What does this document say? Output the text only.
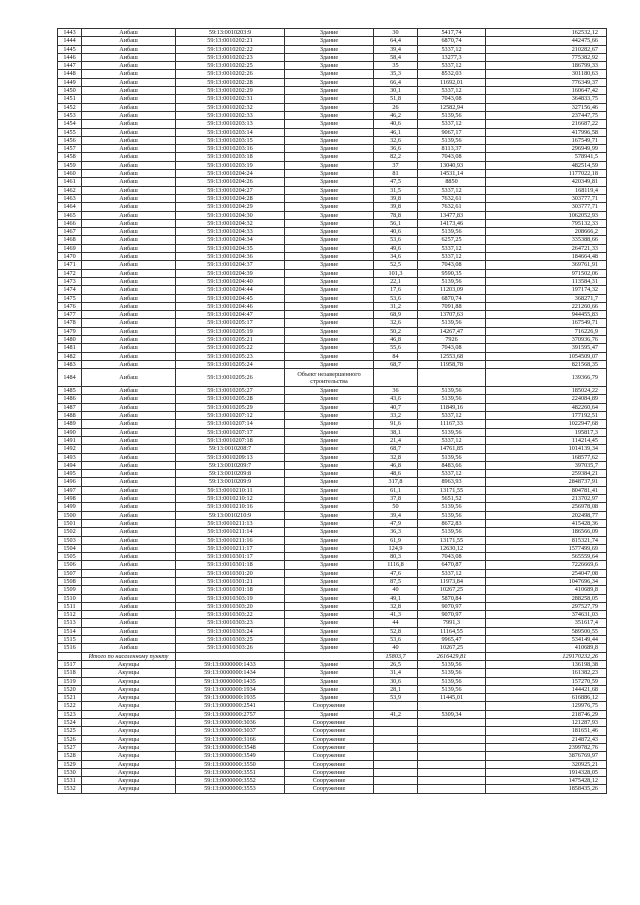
1443	Аибаш	59:13:0010203:9	Здание	30	5417,74	162532,12
1444	Аибаш	59:13:0010202:21	Здание	64,4	6870,74	442475,66
1445	Аибаш	59:13:0010202:22	Здание	39,4	5337,12	210282,67
1446	Аибаш	59:13:0010202:23	Здание	58,4	13277,3	775382,92
1447	Аибаш	59:13:0010202:25	Здание	35	5337,12	186799,33
1448	Аибаш	59:13:0010202:26	Здание	35,3	8532,03	301180,63
1449	Аибаш	59:13:0010202:28	Здание	66,4	11692,01	776349,37
1450	Аибаш	59:13:0010202:29	Здание	30,1	5337,12	160647,42
1451	Аибаш	59:13:0010202:31	Здание	51,8	7043,08	364833,75
1452	Аибаш	59:13:0010202:32	Здание	26	12582,94	327156,46
1453	Аибаш	59:13:0010202:33	Здание	46,2	5139,56	237447,75
1454	Аибаш	59:13:0010203:13	Здание	40,6	5337,12	216687,22
1455	Аибаш	59:13:0010203:14	Здание	46,1	9067,17	417996,58
1456	Аибаш	59:13:0010203:15	Здание	32,6	5139,56	167549,71
1457	Аибаш	59:13:0010203:16	Здание	36,6	8113,37	296949,99
1458	Аибаш	59:13:0010203:18	Здание	82,2	7043,08	578941,5
1459	Аибаш	59:13:0010203:19	Здание	37	13040,93	482514,59
1460	Аибаш	59:13:0010204:24	Здание	81	14531,14	1177022,18
1461	Аибаш	59:13:0010204:26	Здание	47,5	8850	420349,81
1462	Аибаш	59:13:0010204:27	Здание	31,5	5337,12	168119,4
1463	Аибаш	59:13:0010204:28	Здание	39,8	7632,61	303777,71
1464	Аибаш	59:13:0010204:29	Здание	39,8	7632,61	303777,71
1465	Аибаш	59:13:0010204:30	Здание	78,8	13477,83	1062052,93
1466	Аибаш	59:13:0010204:32	Здание	56,1	14173,46	795132,33
1467	Аибаш	59:13:0010204:33	Здание	40,6	5139,56	208666,2
1468	Аибаш	59:13:0010204:34	Здание	53,6	6257,25	335388,66
1469	Аибаш	59:13:0010204:35	Здание	49,6	5337,12	264721,33
1470	Аибаш	59:13:0010204:36	Здание	34,6	5337,12	184664,48
1471	Аибаш	59:13:0010204:37	Здание	52,5	7043,08	369761,91
1472	Аибаш	59:13:0010204:39	Здание	101,3	9590,35	971502,06
1473	Аибаш	59:13:0010204:40	Здание	22,1	5139,56	113584,31
1474	Аибаш	59:13:0010204:44	Здание	17,6	11203,09	197174,32
1475	Аибаш	59:13:0010204:45	Здание	53,6	6870,74	368271,7
1476	Аибаш	59:13:0010204:46	Здание	31,2	7091,88	221260,66
1477	Аибаш	59:13:0010204:47	Здание	68,9	13707,63	944455,83
1478	Аибаш	59:13:0010205:17	Здание	32,6	5139,56	167549,71
1479	Аибаш	59:13:0010205:19	Здание	50,2	14267,47	716226,9
1480	Аибаш	59:13:0010205:21	Здание	46,8	7926	370936,76
1481	Аибаш	59:13:0010205:22	Здание	55,6	7043,08	391595,47
1482	Аибаш	59:13:0010205:23	Здание	84	12553,68	1054509,07
1483	Аибаш	59:13:0010205:24	Здание	68,7	11958,78	821568,35
1484	Аибаш	59:13:0010205:26	Объект незавершенного строительства			139366,79
1485	Аибаш	59:13:0010205:27	Здание	36	5139,56	185024,22
1486	Аибаш	59:13:0010205:28	Здание	43,6	5139,56	224084,89
1487	Аибаш	59:13:0010205:29	Здание	40,7	11849,16	482260,64
1488	Аибаш	59:13:0010207:12	Здание	33,2	5337,12	177192,51
1489	Аибаш	59:13:0010207:14	Здание	91,6	11167,33	1022947,68
1490	Аибаш	59:13:0010207:17	Здание	38,1	5139,56	195817,3
1491	Аибаш	59:13:0010207:18	Здание	21,4	5337,12	114214,45
1492	Аибаш	59:13:0010208:7	Здание	68,7	14761,85	1014139,34
1493	Аибаш	59:13:0010209:13	Здание	32,8	5139,56	168577,62
1494	Аибаш	59:13:0010209:7	Здание	46,8	8483,66	397035,7
1495	Аибаш	59:13:0010209:8	Здание	48,6	5337,12	259384,21
1496	Аибаш	59:13:0010209:9	Здание	317,8	8963,93	2848737,91
1497	Аибаш	59:13:0010210:11	Здание	61,1	13171,55	804781,41
1498	Аибаш	59:13:0010210:12	Здание	37,8	5651,52	213702,97
1499	Аибаш	59:13:0010210:16	Здание	50	5139,56	256978,08
1500	Аибаш	59:13:0010210:9	Здание	39,4	5139,56	202498,77
1501	Аибаш	59:13:0010211:13	Здание	47,9	8672,83	415428,36
1502	Аибаш	59:13:0010211:14	Здание	36,3	5139,56	186566,09
1503	Аибаш	59:13:0010211:16	Здание	61,9	13171,55	815321,74
1504	Аибаш	59:13:0010211:17	Здание	124,9	12630,12	1577499,69
1505	Аибаш	59:13:0010301:17	Здание	80,3	7043,08	565559,64
1506	Аибаш	59:13:0010301:18	Здание	1116,8	6470,87	7226669,6
1507	Аибаш	59:13:0010301:20	Здание	47,6	5337,12	254047,08
1508	Аибаш	59:13:0010301:21	Здание	87,5	11973,84	1047696,34
1509	Аибаш	59:13:0010301:18	Здание	40	10267,25	410689,8
1510	Аибаш	59:13:0010303:19	Здание	49,1	5870,84	288258,05
1511	Аибаш	59:13:0010303:20	Здание	32,8	9070,97	297527,79
1512	Аибаш	59:13:0010303:22	Здание	41,3	9070,97	374631,03
1513	Аибаш	59:13:0010303:23	Здание	44	7991,3	351617,4
1514	Аибаш	59:13:0010303:24	Здание	52,8	11164,55	589500,55
1515	Аибаш	59:13:0010303:25	Здание	53,6	9965,47	534149,44
1516	Аибаш	59:13:0010303:26	Здание	40	10267,25	410689,8
	Итого по населенному пункту			15803,7	2616429,81	129170232,26
1517	Акунцы	59:13:0000000:1433	Здание	26,5	5139,56	136198,38
1518	Акунцы	59:13:0000000:1434	Здание	31,4	5139,56	161382,23
1519	Акунцы	59:13:0000000:1435	Здание	30,6	5139,56	157270,59
1520	Акунцы	59:13:0000000:1934	Здание	28,1	5139,56	144421,68
1521	Акунцы	59:13:0000000:1935	Здание	53,9	11445,01	616886,12
1522	Акунцы	59:13:0000000:2541	Сооружение			129976,75
1523	Акунцы	59:13:0000000:2757	Здание	41,2	5309,34	218746,29
1524	Акунцы	59:13:0000000:3036	Сооружение			121287,93
1525	Акунцы	59:13:0000000:3037	Сооружение			181651,46
1526	Акунцы	59:13:0000000:3166	Сооружение			214872,43
1527	Акунцы	59:13:0000000:3548	Сооружение			2399782,76
1528	Акунцы	59:13:0000000:3549	Сооружение			3876769,97
1529	Акунцы	59:13:0000000:3550	Сооружение			320925,21
1530	Акунцы	59:13:0000000:3551	Сооружение			1914328,05
1531	Акунцы	59:13:0000000:3552	Сооружение			1475428,12
1532	Акунцы	59:13:0000000:3553	Сооружение			1858435,26
